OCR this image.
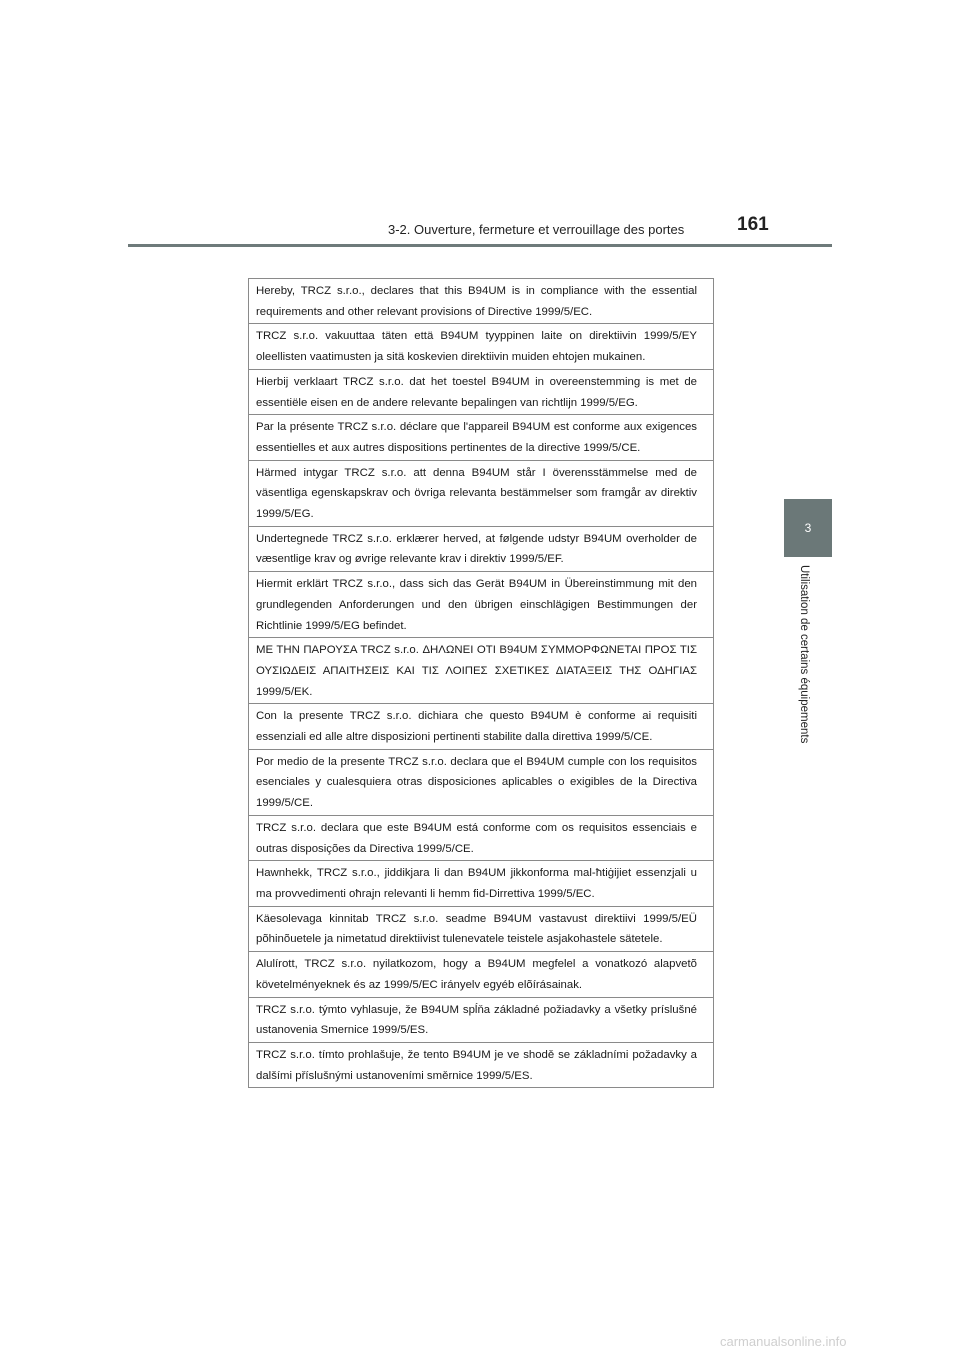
3-2. Ouverture, fermeture et verrouillage des portes	161
3
Utilisation de certains équipements
Hereby, TRCZ s.r.o., declares that this B94UM is in compliance with the essential requirements and other relevant provisions of Directive 1999/5/EC.
TRCZ s.r.o. vakuuttaa täten että B94UM tyyppinen laite on direktiivin 1999/5/EY oleellisten vaatimusten ja sitä koskevien direktiivin muiden ehtojen mukainen.
Hierbij verklaart TRCZ s.r.o. dat het toestel B94UM in overeenstemming is met de essentiële eisen en de andere relevante bepalingen van richtlijn 1999/5/EG.
Par la présente TRCZ s.r.o. déclare que l'appareil B94UM est conforme aux exigences essentielles et aux autres dispositions pertinentes de la directive 1999/5/CE.
Härmed intygar TRCZ s.r.o. att denna B94UM står I överensstämmelse med de väsentliga egenskapskrav och övriga relevanta bestämmelser som framgår av direktiv 1999/5/EG.
Undertegnede TRCZ s.r.o. erklærer herved, at følgende udstyr B94UM overholder de væsentlige krav og øvrige relevante krav i direktiv 1999/5/EF.
Hiermit erklärt TRCZ s.r.o., dass sich das Gerät B94UM in Übereinstimmung mit den grundlegenden Anforderungen und den übrigen einschlägigen Bestimmungen der Richtlinie 1999/5/EG befindet.
ΜΕ ΤΗΝ ΠΑΡΟΥΣΑ TRCZ s.r.o. ΔΗΛΩΝΕΙ ΟΤΙ B94UM ΣΥΜΜΟΡΦΩΝΕΤΑΙ ΠΡΟΣ ΤΙΣ ΟΥΣΙΩΔΕΙΣ ΑΠΑΙΤΗΣΕΙΣ ΚΑΙ ΤΙΣ ΛΟΙΠΕΣ ΣΧΕΤΙΚΕΣ ΔΙΑΤΑΞΕΙΣ ΤΗΣ ΟΔΗΓΙΑΣ 1999/5/EK.
Con la presente TRCZ s.r.o. dichiara che questo B94UM è conforme ai requisiti essenziali ed alle altre disposizioni pertinenti stabilite dalla direttiva 1999/5/CE.
Por medio de la presente TRCZ s.r.o. declara que el B94UM cumple con los requisitos esenciales y cualesquiera otras disposiciones aplicables o exigibles de la Directiva 1999/5/CE.
TRCZ s.r.o. declara que este B94UM está conforme com os requisitos essenciais e outras disposições da Directiva 1999/5/CE.
Hawnhekk, TRCZ s.r.o., jiddikjara li dan B94UM jikkonforma mal-ħtiġijiet essenzjali u ma provvedimenti oħrajn relevanti li hemm fid-Dirrettiva 1999/5/EC.
Käesolevaga kinnitab TRCZ s.r.o. seadme B94UM vastavust direktiivi 1999/5/EÜ põhinõuetele ja nimetatud direktiivist tulenevatele teistele asjakohastele sätetele.
Alulírott, TRCZ s.r.o. nyilatkozom, hogy a B94UM megfelel a vonatkozó alapvetõ követelményeknek és az 1999/5/EC irányelv egyéb elõírásainak.
TRCZ s.r.o. týmto vyhlasuje, že B94UM spĺňa základné požiadavky a všetky príslušné ustanovenia Smernice 1999/5/ES.
TRCZ s.r.o. tímto prohlašuje, že tento B94UM je ve shodě se základními požadavky a dalšími příslušnými ustanoveními směrnice 1999/5/ES.
carmanualsonline.info
